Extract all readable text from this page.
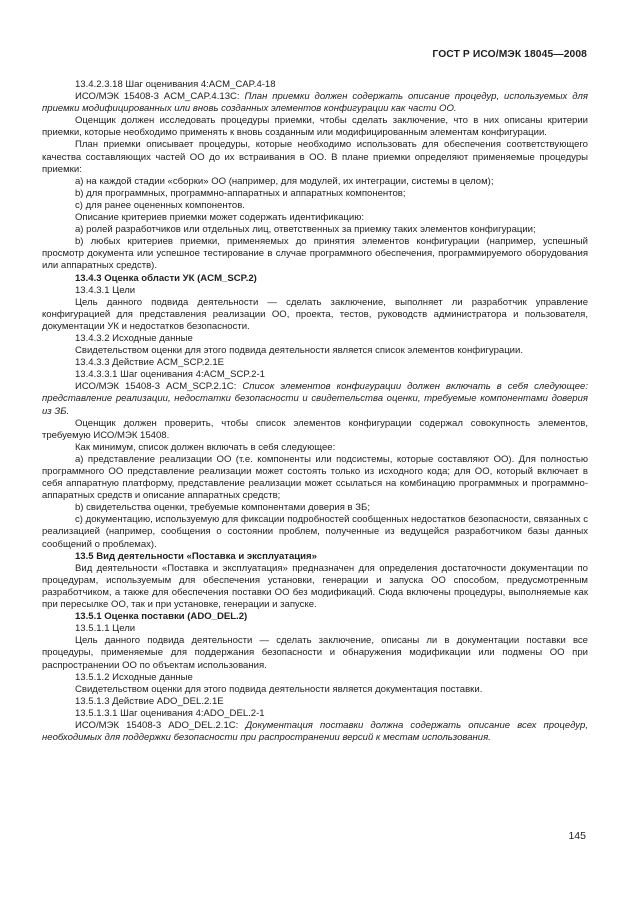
ГОСТ Р ИСО/МЭК 18045—2008

13.4.2.3.18 Шаг оценивания 4:ACM_CAP.4-18

ИСО/МЭК 15408-3 ACM_CAP.4.13C: План приемки должен содержать описание процедур, используемых для приемки модифицированных или вновь созданных элементов конфигурации как части ОО.

Оценщик должен исследовать процедуры приемки, чтобы сделать заключение, что в них описаны критерии приемки, которые необходимо применять к вновь созданным или модифицированным элементам конфигурации.

План приемки описывает процедуры, которые необходимо использовать для обеспечения соответствующего качества составляющих частей ОО до их встраивания в ОО. В плане приемки определяют применяемые процедуры приемки:

a) на каждой стадии «сборки» ОО (например, для модулей, их интеграции, системы в целом);

b) для программных, программно-аппаратных и аппаратных компонентов;

c) для ранее оцененных компонентов.

Описание критериев приемки может содержать идентификацию:

a) ролей разработчиков или отдельных лиц, ответственных за приемку таких элементов конфигурации;

b) любых критериев приемки, применяемых до принятия элементов конфигурации (например, успешный просмотр документа или успешное тестирование в случае программного обеспечения, программируемого оборудования или аппаратных средств).

13.4.3 Оценка области УК (ACM_SCP.2)

13.4.3.1 Цели

Цель данного подвида деятельности — сделать заключение, выполняет ли разработчик управление конфигурацией для представления реализации ОО, проекта, тестов, руководств администратора и пользователя, документации УК и недостатков безопасности.

13.4.3.2 Исходные данные

Свидетельством оценки для этого подвида деятельности является список элементов конфигурации.

13.4.3.3 Действие ACM_SCP.2.1E

13.4.3.3.1 Шаг оценивания 4:ACM_SCP.2-1

ИСО/МЭК 15408-3 ACM_SCP.2.1C: Список элементов конфигурации должен включать в себя следующее: представление реализации, недостатки безопасности и свидетельства оценки, требуемые компонентами доверия из ЗБ.

Оценщик должен проверить, чтобы список элементов конфигурации содержал совокупность элементов, требуемую ИСО/МЭК 15408.

Как минимум, список должен включать в себя следующее:

a) представление реализации ОО (т.е. компоненты или подсистемы, которые составляют ОО). Для полностью программного ОО представление реализации может состоять только из исходного кода; для ОО, который включает в себя аппаратную платформу, представление реализации может ссылаться на комбинацию программных и программно-аппаратных средств и описание аппаратных средств;

b) свидетельства оценки, требуемые компонентами доверия в ЗБ;

c) документацию, используемую для фиксации подробностей сообщенных недостатков безопасности, связанных с реализацией (например, сообщения о состоянии проблем, полученные из ведущейся разработчиком базы данных сообщений о проблемах).

13.5 Вид деятельности «Поставка и эксплуатация»

Вид деятельности «Поставка и эксплуатация» предназначен для определения достаточности документации по процедурам, используемым для обеспечения установки, генерации и запуска ОО способом, предусмотренным разработчиком, а также для обеспечения поставки ОО без модификаций. Сюда включены процедуры, выполняемые как при пересылке ОО, так и при установке, генерации и запуске.

13.5.1 Оценка поставки (ADO_DEL.2)

13.5.1.1 Цели

Цель данного подвида деятельности — сделать заключение, описаны ли в документации поставки все процедуры, применяемые для поддержания безопасности и обнаружения модификации или подмены ОО при распространении ОО по объектам использования.

13.5.1.2 Исходные данные

Свидетельством оценки для этого подвида деятельности является документация поставки.

13.5.1.3 Действие ADO_DEL.2.1E

13.5.1.3.1 Шаг оценивания 4:ADO_DEL.2-1

ИСО/МЭК 15408-3 ADO_DEL.2.1C: Документация поставки должна содержать описание всех процедур, необходимых для поддержки безопасности при распространении версий к местам использования.

145
